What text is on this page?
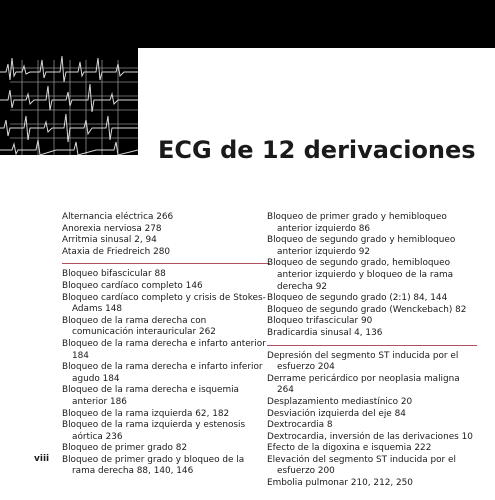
ECG de 12 derivaciones
Alternancia eléctrica 266
Anorexia nerviosa 278
Arritmia sinusal 2, 94
Ataxia de Friedreich 280
Bloqueo bifascicular 88
Bloqueo cardíaco completo 146
Bloqueo cardíaco completo y crisis de Stokes-Adams 148
Bloqueo de la rama derecha con comunicación interauricular 262
Bloqueo de la rama derecha e infarto anterior 184
Bloqueo de la rama derecha e infarto inferior agudo 184
Bloqueo de la rama derecha e isquemia anterior 186
Bloqueo de la rama izquierda 62, 182
Bloqueo de la rama izquierda y estenosis aórtica 236
Bloqueo de primer grado 82
Bloqueo de primer grado y bloqueo de la rama derecha 88, 140, 146
Bloqueo de primer grado y hemibloqueo anterior izquierdo 86
Bloqueo de segundo grado y hemibloqueo anterior izquierdo 92
Bloqueo de segundo grado, hemibloqueo anterior izquierdo y bloqueo de la rama derecha 92
Bloqueo de segundo grado (2:1) 84, 144
Bloqueo de segundo grado (Wenckebach) 82
Bloqueo trifascicular 90
Bradicardia sinusal 4, 136
Depresión del segmento ST inducida por el esfuerzo 204
Derrame pericárdico por neoplasia maligna 264
Desplazamiento mediastínico 20
Desviación izquierda del eje 84
Dextrocardia 8
Dextrocardia, inversión de las derivaciones 10
Efecto de la digoxina e isquemia 222
Elevación del segmento ST inducida por el esfuerzo 200
Embolia pulmonar 210, 212, 250
viii
